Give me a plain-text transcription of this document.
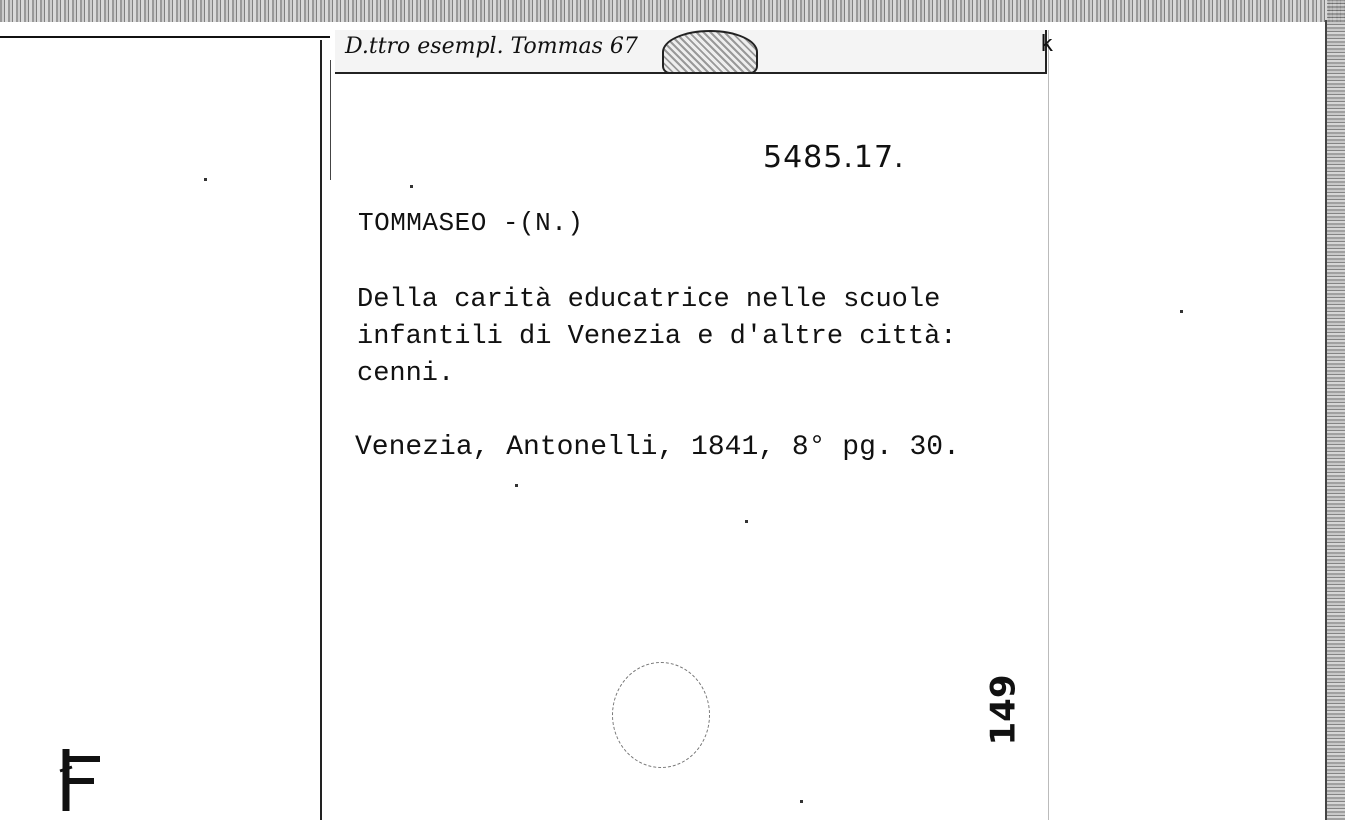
D.ttro esempl. Tommas 67	k
5485.17.
TOMMASEO -(N.)
Della carità educatrice nelle scuole
infantili di Venezia e d'altre città:
cenni.
Venezia, Antonelli, 1841, 8° pg. 30.
149
